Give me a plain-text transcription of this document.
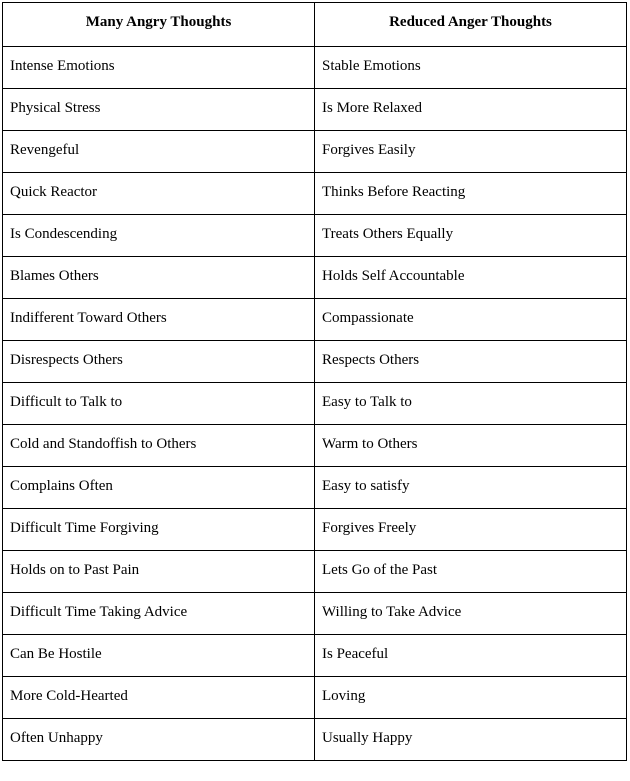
Many Angry Thoughts	Reduced Anger Thoughts
Intense Emotions	Stable Emotions
Physical Stress	Is More Relaxed
Revengeful	Forgives Easily
Quick Reactor	Thinks Before Reacting
Is Condescending	Treats Others Equally
Blames Others	Holds Self Accountable
Indifferent Toward Others	Compassionate
Disrespects Others	Respects Others
Difficult to Talk to	Easy to Talk to
Cold and Standoffish to Others	Warm to Others
Complains Often	Easy to satisfy
Difficult Time Forgiving	Forgives Freely
Holds on to Past Pain	Lets Go of the Past
Difficult Time Taking Advice	Willing to Take Advice
Can Be Hostile	Is Peaceful
More Cold-Hearted	Loving
Often Unhappy	Usually Happy
